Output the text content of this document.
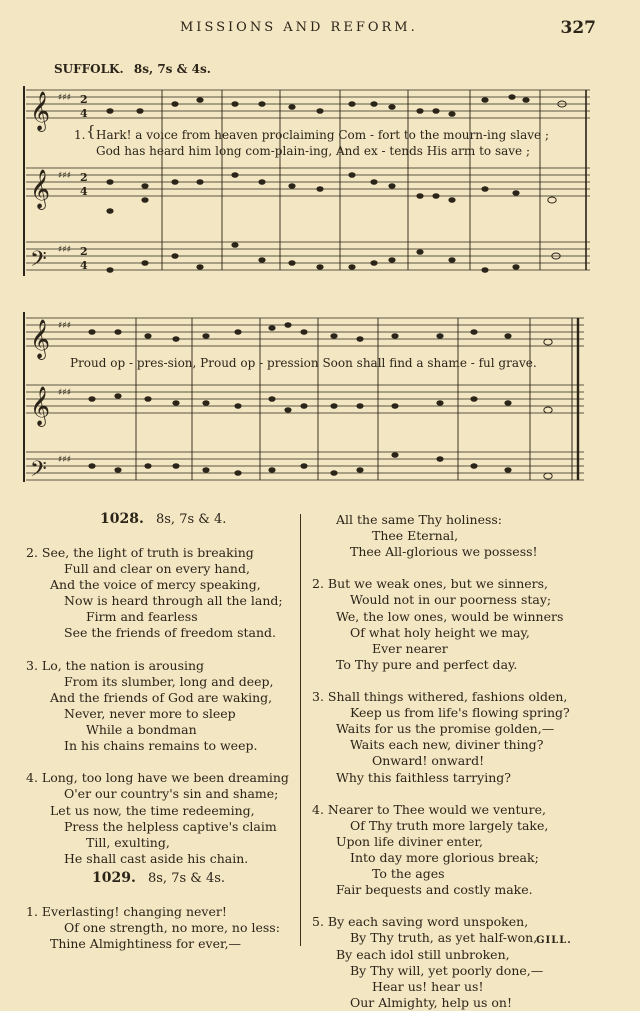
MISSIONS AND REFORM.	327
SUFFOLK. 8s, 7s & 4s.
𝄞
𝄞
𝄢
♯♯♯
♯♯♯
♯♯♯
2
4
2
4
2
4
𝄞
𝄞
𝄢
♯♯♯
♯♯♯
♯♯♯
1. { Hark! a voice from heaven proclaiming Com - fort to the mourn-ing slave ;
God has heard him long com-plain-ing, And ex - tends His arm to save ;
Proud op - pres-sion, Proud op - pression Soon shall find a shame - ful grave.
1028. 8s, 7s & 4.
2. See, the light of truth is breaking
Full and clear on every hand,
And the voice of mercy speaking,
Now is heard through all the land;
Firm and fearless
See the friends of freedom stand.
3. Lo, the nation is arousing
From its slumber, long and deep,
And the friends of God are waking,
Never, never more to sleep
While a bondman
In his chains remains to weep.
4. Long, too long have we been dreaming
O'er our country's sin and shame;
Let us now, the time redeeming,
Press the helpless captive's claim
Till, exulting,
He shall cast aside his chain.
1029. 8s, 7s & 4s.
1. Everlasting! changing never!
Of one strength, no more, no less:
Thine Almightiness for ever,—
All the same Thy holiness:
Thee Eternal,
Thee All-glorious we possess!
2. But we weak ones, but we sinners,
Would not in our poorness stay;
We, the low ones, would be winners
Of what holy height we may,
Ever nearer
To Thy pure and perfect day.
3. Shall things withered, fashions olden,
Keep us from life's flowing spring?
Waits for us the promise golden,—
Waits each new, diviner thing?
Onward! onward!
Why this faithless tarrying?
4. Nearer to Thee would we venture,
Of Thy truth more largely take,
Upon life diviner enter,
Into day more glorious break;
To the ages
Fair bequests and costly make.
5. By each saving word unspoken,
By Thy truth, as yet half-won,
By each idol still unbroken,
By Thy will, yet poorly done,—
Hear us! hear us!
Our Almighty, help us on!
GILL.
